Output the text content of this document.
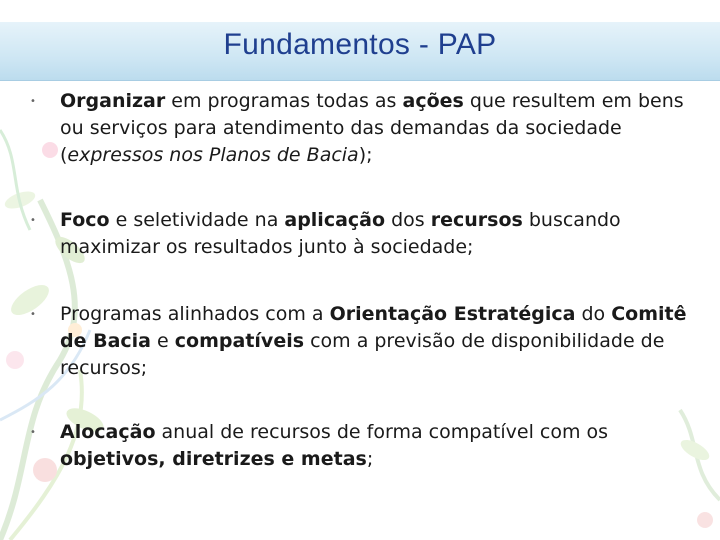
Fundamentos - PAP
• Organizar em programas todas as ações que resultem em bens ou serviços para atendimento das demandas da sociedade (expressos nos Planos de Bacia);
• Foco e seletividade na aplicação dos recursos buscando maximizar os resultados junto à sociedade;
• Programas alinhados com a Orientação Estratégica do Comitê de Bacia e compatíveis com a previsão de disponibilidade de recursos;
• Alocação anual de recursos de forma compatível com os objetivos, diretrizes e metas;
